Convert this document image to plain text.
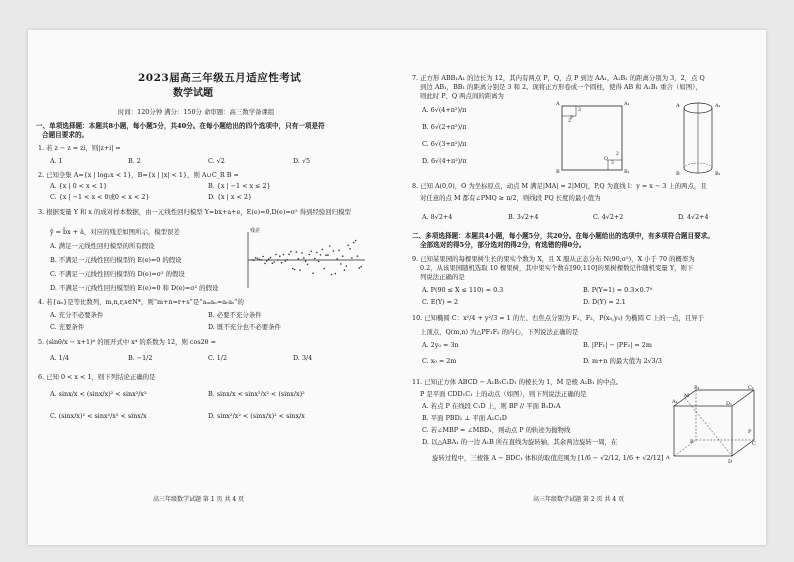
2023届高三年级五月适应性考试
数学试题
时间：120分钟 满分：150分 命审题：高三数学备课组
一、单项选择题：本题共8小题，每小题5分，共40分。在每小题给出的四个选项中，只有一项是符
合题目要求的。
1. 若 z − z = zi，则|z+i| =
A. 1	B. 2	C. √2	D. √5
2. 已知全集 A={x | log₂x < 1}，B={x | |x| < 1}，则 A∪C_R B =
A. {x | 0 < x < 1}	B. {x | −1 < x ≤ 2}
C. {x | −1 < x < 0或0 < x < 2}	D. {x | x < 2}
3. 根据变量 Y 和 x 的成对样本数据，由一元线性回归模型 Y=bx+a+e，E(e)=0,D(e)=σ² 得到经验回归模型
ŷ = b̂x + â，对应的残差如图所示，模型误差
A. 满足一元线性回归模型的所有假设
B. 不满足一元线性回归模型的 E(e)=0 的假设
C. 不满足一元线性回归模型的 D(e)=σ² 的假设
D. 不满足一元线性回归模型的 E(e)=0 和 D(e)=σ² 的假设
残差
4. 若{aₙ}是等比数列，m,n,r,s∈N*，则“m+n=r+s”是“aₘaₙ=aᵣaₛ”的
A. 充分不必要条件	B. 必要不充分条件
C. 充要条件	D. 既不充分也不必要条件
5. (sinθ/x − x+1)⁶ 的展开式中 x⁴ 的系数为 12，则 cos2θ =
A. 1/4	B. −1/2	C. 1/2	D. 3/4
6. 已知 0 < x < 1，则下列结论正确的是
A. sinx/x < (sinx/x)² < sinx²/x²	B. sinx/x < sinx²/x² < (sinx/x)²
C. (sinx/x)² < sinx²/x² < sinx/x	D. sinx²/x² < (sinx/x)² < sinx/x
高三年级数学试题 第 1 页 共 4 页
7. 正方形 ABB₁A₁ 的边长为 12，其内有两点 P，Q，点 P 到边 AA₁，A₁B₁ 的距离分别为 3，2，点 Q
到边 AB₁，BB₁ 的距离分别是 3 和 2。现将正方形卷成一个圆柱，使得 AB 和 A₁B₁ 重合（如图），
则此时 P、Q 两点间的距离为
A. 6√(4+π²)/π
B. 6√(2+π²)/π
C. 6√(3+π²)/π
D. 6√(4+π²)/π
A	A₁
B	B₁
P
Q
3
2
3
2
A	A₁
B	B₁
8. 已知 A(0,0)，O 为坐标原点，动点 M 满足|MA| = 2|MO|，P,Q 为直线 l：y = x − 3 上的两点，且
对任意的点 M 都有∠PMQ ≥ π/2，则线段 PQ 长度的最小值为
A. 8√2+4	B. 3√2+4	C. 4√2+2	D. 4√2+4
二、多项选择题：本题共4小题，每小题5分，共20分。在每小题给出的选项中，有多项符合题目要求。
全部选对的得5分，部分选对的得2分，有选错的得0分。
9. 已知某果园的每棵果树生长的果实个数为 X，且 X 服从正态分布 N(90,σ²)，X 小于 70 的概率为
0.2，从该果园随机选取 10 棵果树，其中果实个数在[90,110]的果树棵数记作随机变量 Y，则下
列说法正确的是
A. P(90 ≤ X ≤ 110) = 0.3	B. P(Y=1) = 0.3×0.7⁹
C. E(Y) = 2	D. D(Y) = 2.1
10. 已知椭圆 C：x²/4 + y²/3 = 1 的左、右焦点分别为 F₁、F₂，P(x₀,y₀) 为椭圆 C 上的一点，且异于
上顶点，Q(m,n) 为△PF₁F₂ 的内心，下列说法正确的是
A. 2y₀ = 3n	B. |PF₁| − |PF₂| = 2m
C. x₀ = 2m	D. m+n 的最大值为 2√3/3
11. 已知正方体 ABCD − A₁B₁C₁D₁ 的棱长为 1，M 是棱 A₁B₁ 的中点。
P 是平面 CDD₁C₁ 上的动点（如图），则下列说法正确的是
A. 若点 P 在线段 C₁D 上，则 BP // 平面 B₁D₁A
B. 平面 PBD₁ ⊥ 平面 A₁C₁D
C. 若∠MBP = ∠MBD₁，则动点 P 的轨迹为抛物线
D. 以△ABA₁ 的一边 A₁B 所在直线为旋转轴，其余两边旋转一周，在
旋转过程中，三棱锥 A − BDC₁ 体积的取值范围为 [1/6 − √2/12, 1/6 + √2/12]
A₁
M
B₁	C₁
D₁
P
A
B	C
D
高三年级数学试题 第 2 页 共 4 页
